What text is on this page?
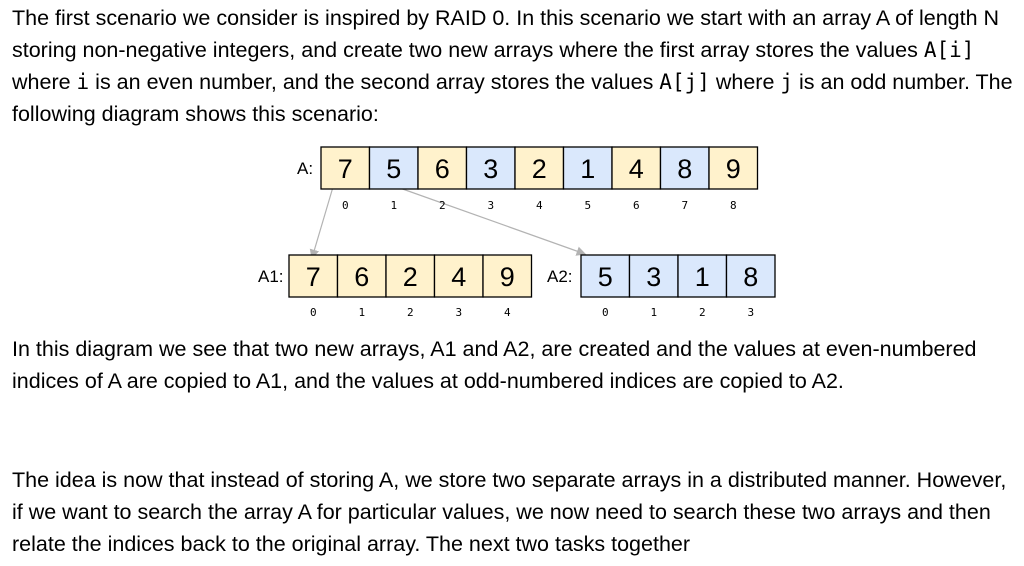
The first scenario we consider is inspired by RAID 0. In this scenario we start with an array A of length N storing non-negative integers, and create two new arrays where the first array stores the values A[i] where i is an even number, and the second array stores the values A[j] where j is an odd number. The following diagram shows this scenario:

A: 7
0
5
1
6
2
3
3
2
4
1
5
4
6
8
7
9
8
A1: 7
0
6
1
2
2
4
3
9
4
A2: 5
0
3
1
1
2
8
3

In this diagram we see that two new arrays, A1 and A2, are created and the values at even-numbered indices of A are copied to A1, and the values at odd-numbered indices are copied to A2.

The idea is now that instead of storing A, we store two separate arrays in a distributed manner. However, if we want to search the array A for particular values, we now need to search these two arrays and then relate the indices back to the original array. The next two tasks together
